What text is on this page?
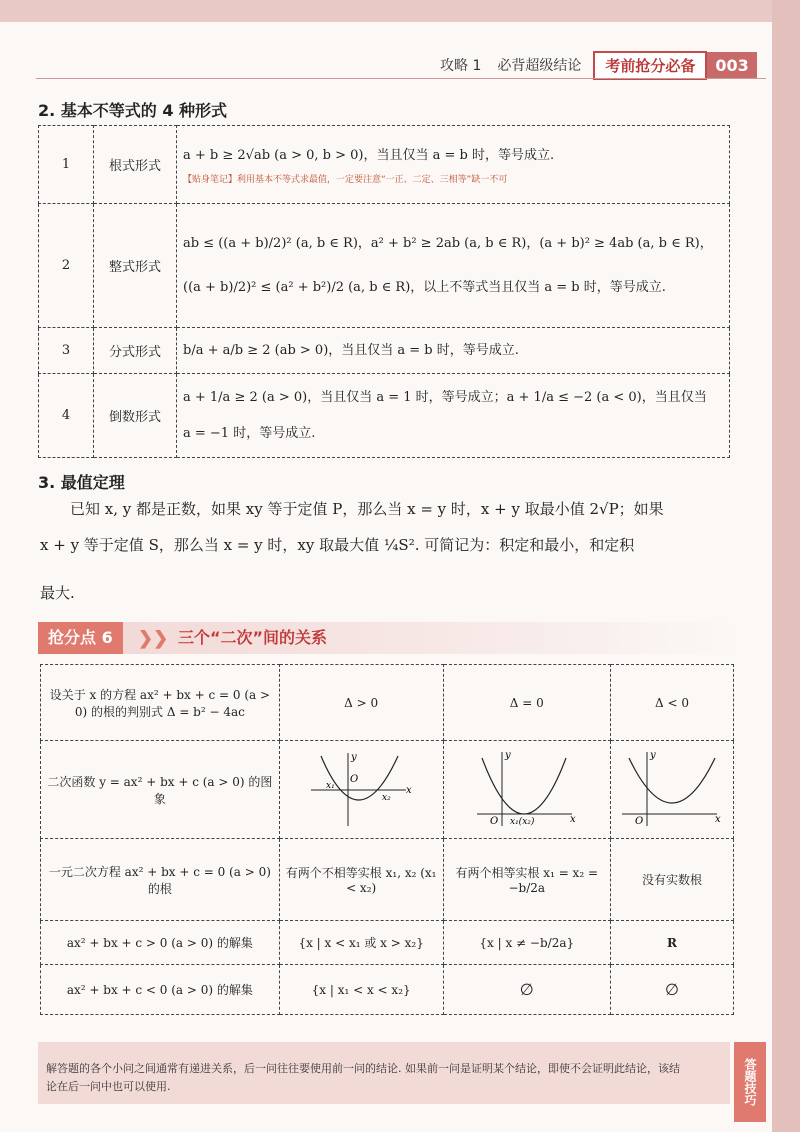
攻略 1 必背超级结论	考前抢分必备	003
2. 基本不等式的 4 种形式
1	根式形式	a + b ≥ 2√ab (a > 0, b > 0)，当且仅当 a = b 时，等号成立.
【贴身笔记】利用基本不等式求最值，一定要注意“一正、二定、三相等”缺一不可

2	整式形式	ab ≤ ((a + b)/2)² (a, b ∈ R)，a² + b² ≥ 2ab (a, b ∈ R)，(a + b)² ≥ 4ab (a, b ∈ R)，
((a + b)/2)² ≤ (a² + b²)/2 (a, b ∈ R)，以上不等式当且仅当 a = b 时，等号成立.

3	分式形式	b/a + a/b ≥ 2 (ab > 0)，当且仅当 a = b 时，等号成立.

4	倒数形式	a + 1/a ≥ 2 (a > 0)，当且仅当 a = 1 时，等号成立；a + 1/a ≤ −2 (a < 0)，当且仅当
a = −1 时，等号成立.
3. 最值定理
已知 x, y 都是正数，如果 xy 等于定值 P，那么当 x = y 时，x + y 取最小值 2√P；如果
x + y 等于定值 S，那么当 x = y 时，xy 取最大值 ¼S². 可简记为：积定和最小，和定积
最大.
抢分点 6	❯❯ 三个“二次”间的关系
设关于 x 的方程 ax² + bx + c = 0 (a > 0) 的根的判别式 Δ = b² − 4ac	Δ > 0	Δ = 0	Δ < 0
二次函数 y = ax² + bx + c (a > 0) 的图象	x
y
O
x₁
x₂	x
y
O x₁(x₂)	x
y
O

一元二次方程 ax² + bx + c = 0 (a > 0) 的根	有两个不相等实根 x₁, x₂ (x₁ < x₂)	有两个相等实根 x₁ = x₂ = −b/2a	没有实数根
ax² + bx + c > 0 (a > 0) 的解集	{x | x < x₁ 或 x > x₂}	{x | x ≠ −b/2a}	R
ax² + bx + c < 0 (a > 0) 的解集	{x | x₁ < x < x₂}	∅	∅
解答题的各个小问之间通常有递进关系，后一问往往要使用前一问的结论. 如果前一问是证明某个结论，即使不会证明此结论，该结论在后一问中也可以使用.	答题技巧
